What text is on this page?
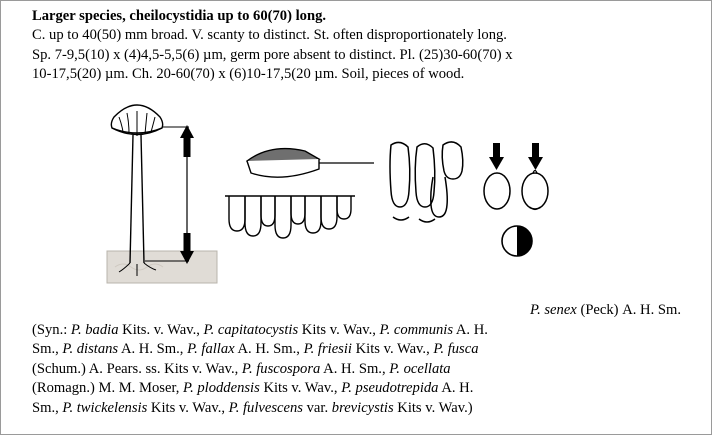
Larger species, cheilocystidia up to 60(70) long.
C. up to 40(50) mm broad. V. scanty to distinct. St. often disproportionately long.
Sp. 7-9,5(10) x (4)4,5-5,5(6) µm, germ pore absent to distinct. Pl. (25)30-60(70) x
10-17,5(20) µm. Ch. 20-60(70) x (6)10-17,5(20 µm. Soil, pieces of wood.
P. senex (Peck) A. H. Sm.
(Syn.: P. badia Kits. v. Wav., P. capitatocystis Kits v. Wav., P. communis A. H.
Sm., P. distans A. H. Sm., P. fallax A. H. Sm., P. friesii Kits v. Wav., P. fusca
(Schum.) A. Pears. ss. Kits v. Wav., P. fuscospora A. H. Sm., P. ocellata
(Romagn.) M. M. Moser, P. ploddensis Kits v. Wav., P. pseudotrepida A. H.
Sm., P. twickelensis Kits v. Wav., P. fulvescens var. brevicystis Kits v. Wav.)
